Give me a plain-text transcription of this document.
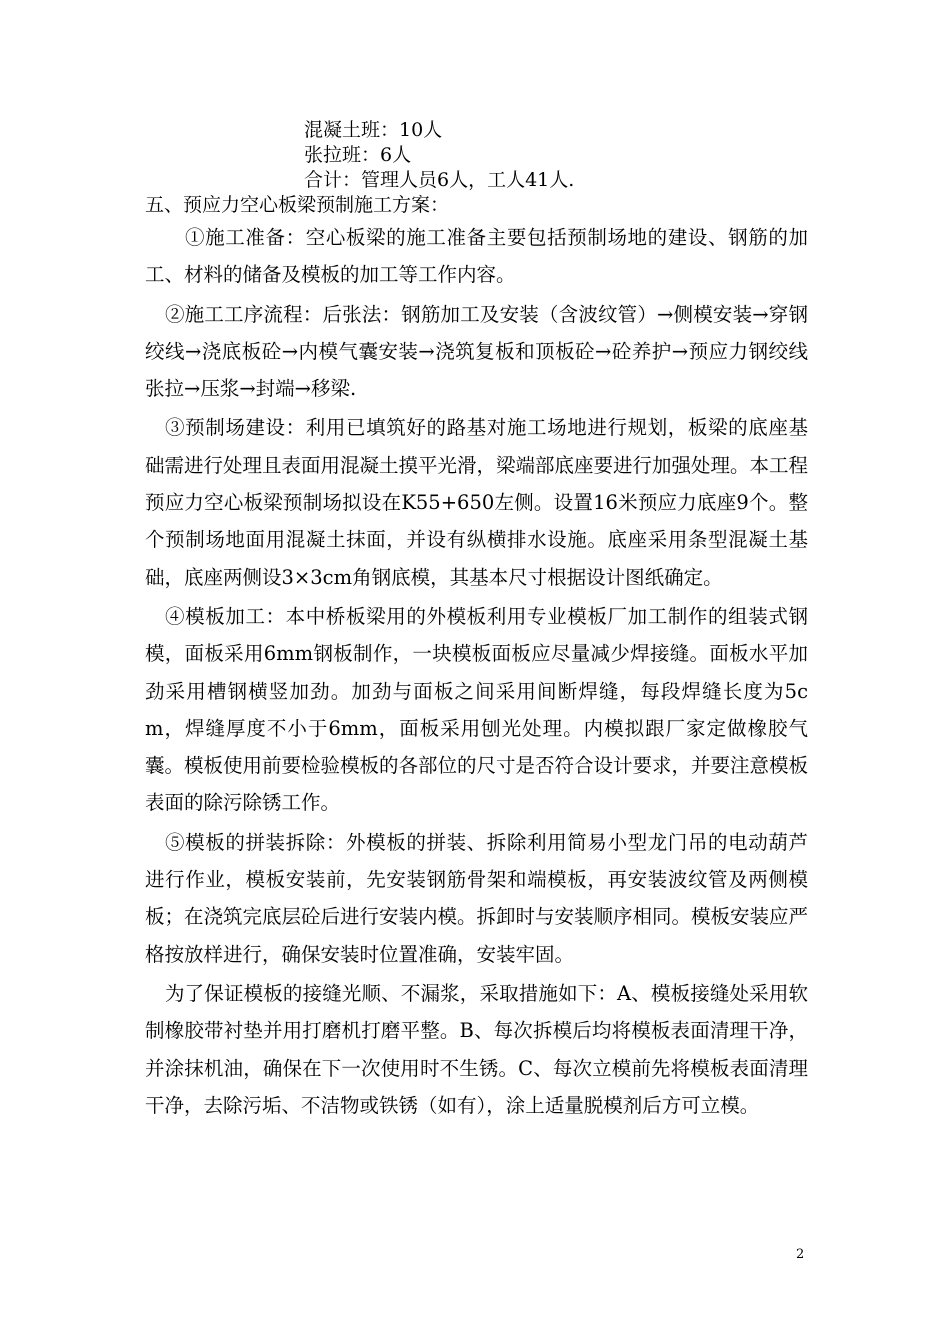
混凝土班：10人
张拉班：6人
合计：管理人员6人，工人41人.
五、预应力空心板梁预制施工方案：

①施工准备：空心板梁的施工准备主要包括预制场地的建设、钢筋的加工、材料的储备及模板的加工等工作内容。

②施工工序流程：后张法：钢筋加工及安装（含波纹管）→侧模安装→穿钢绞线→浇底板砼→内模气囊安装→浇筑复板和顶板砼→砼养护→预应力钢绞线张拉→压浆→封端→移梁.

③预制场建设：利用已填筑好的路基对施工场地进行规划，板梁的底座基础需进行处理且表面用混凝土摸平光滑，梁端部底座要进行加强处理。本工程预应力空心板梁预制场拟设在K55+650左侧。设置16米预应力底座9个。整个预制场地面用混凝土抹面，并设有纵横排水设施。底座采用条型混凝土基础，底座两侧设3×3cm角钢底模，其基本尺寸根据设计图纸确定。

④模板加工：本中桥板梁用的外模板利用专业模板厂加工制作的组装式钢模，面板采用6mm钢板制作，一块模板面板应尽量减少焊接缝。面板水平加劲采用槽钢横竖加劲。加劲与面板之间采用间断焊缝，每段焊缝长度为5cm，焊缝厚度不小于6mm，面板采用刨光处理。内模拟跟厂家定做橡胶气囊。模板使用前要检验模板的各部位的尺寸是否符合设计要求，并要注意模板表面的除污除锈工作。

⑤模板的拼装拆除：外模板的拼装、拆除利用简易小型龙门吊的电动葫芦进行作业，模板安装前，先安装钢筋骨架和端模板，再安装波纹管及两侧模板；在浇筑完底层砼后进行安装内模。拆卸时与安装顺序相同。模板安装应严格按放样进行，确保安装时位置准确，安装牢固。

为了保证模板的接缝光顺、不漏浆，采取措施如下：A、模板接缝处采用软制橡胶带衬垫并用打磨机打磨平整。B、每次拆模后均将模板表面清理干净，并涂抹机油，确保在下一次使用时不生锈。C、每次立模前先将模板表面清理干净，去除污垢、不洁物或铁锈（如有），涂上适量脱模剂后方可立模。

2
